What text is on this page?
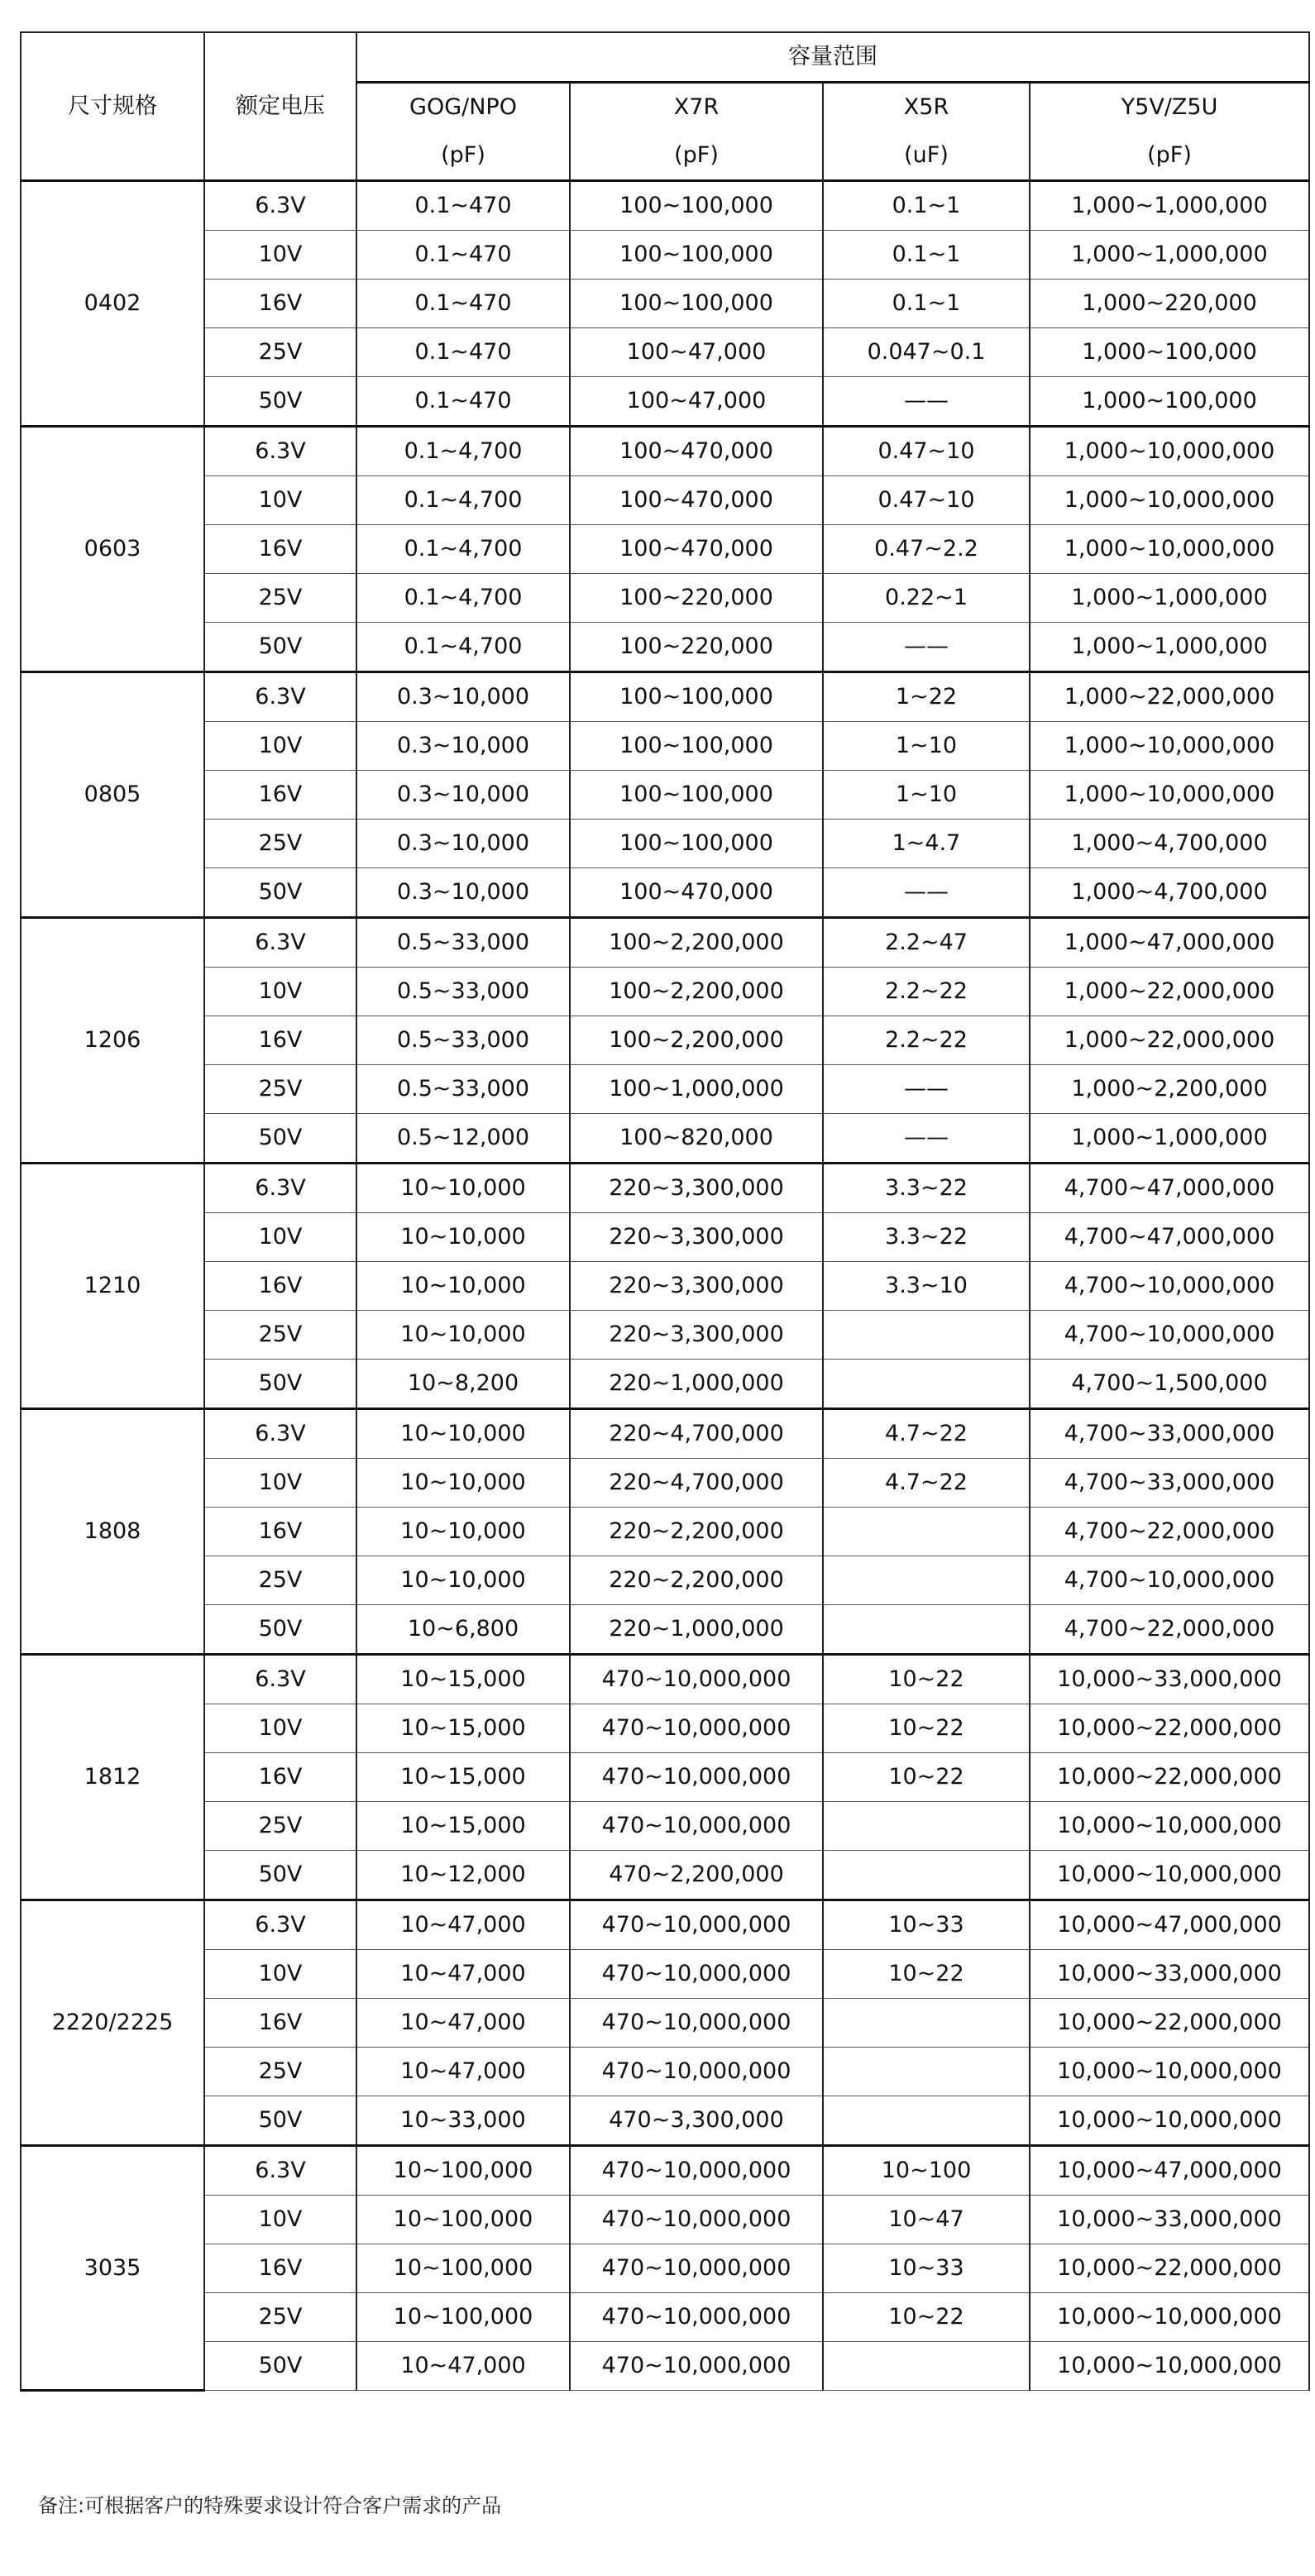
尺寸规格	额定电压	容量范围			
		GOG/NPO	X7R	X5R	Y5V/Z5U
		(pF)	(pF)	(uF)	(pF)
0402	6.3V	0.1~470	100~100,000	0.1~1	1,000~1,000,000
	10V	0.1~470	100~100,000	0.1~1	1,000~1,000,000
	16V	0.1~470	100~100,000	0.1~1	1,000~220,000
	25V	0.1~470	100~47,000	0.047~0.1	1,000~100,000
	50V	0.1~470	100~47,000	——	1,000~100,000
0603	6.3V	0.1~4,700	100~470,000	0.47~10	1,000~10,000,000
	10V	0.1~4,700	100~470,000	0.47~10	1,000~10,000,000
	16V	0.1~4,700	100~470,000	0.47~2.2	1,000~10,000,000
	25V	0.1~4,700	100~220,000	0.22~1	1,000~1,000,000
	50V	0.1~4,700	100~220,000	——	1,000~1,000,000
0805	6.3V	0.3~10,000	100~100,000	1~22	1,000~22,000,000
	10V	0.3~10,000	100~100,000	1~10	1,000~10,000,000
	16V	0.3~10,000	100~100,000	1~10	1,000~10,000,000
	25V	0.3~10,000	100~100,000	1~4.7	1,000~4,700,000
	50V	0.3~10,000	100~470,000	——	1,000~4,700,000
1206	6.3V	0.5~33,000	100~2,200,000	2.2~47	1,000~47,000,000
	10V	0.5~33,000	100~2,200,000	2.2~22	1,000~22,000,000
	16V	0.5~33,000	100~2,200,000	2.2~22	1,000~22,000,000
	25V	0.5~33,000	100~1,000,000	——	1,000~2,200,000
	50V	0.5~12,000	100~820,000	——	1,000~1,000,000
1210	6.3V	10~10,000	220~3,300,000	3.3~22	4,700~47,000,000
	10V	10~10,000	220~3,300,000	3.3~22	4,700~47,000,000
	16V	10~10,000	220~3,300,000	3.3~10	4,700~10,000,000
	25V	10~10,000	220~3,300,000		4,700~10,000,000
	50V	10~8,200	220~1,000,000		4,700~1,500,000
1808	6.3V	10~10,000	220~4,700,000	4.7~22	4,700~33,000,000
	10V	10~10,000	220~4,700,000	4.7~22	4,700~33,000,000
	16V	10~10,000	220~2,200,000		4,700~22,000,000
	25V	10~10,000	220~2,200,000		4,700~10,000,000
	50V	10~6,800	220~1,000,000		4,700~22,000,000
1812	6.3V	10~15,000	470~10,000,000	10~22	10,000~33,000,000
	10V	10~15,000	470~10,000,000	10~22	10,000~22,000,000
	16V	10~15,000	470~10,000,000	10~22	10,000~22,000,000
	25V	10~15,000	470~10,000,000		10,000~10,000,000
	50V	10~12,000	470~2,200,000		10,000~10,000,000
2220/2225	6.3V	10~47,000	470~10,000,000	10~33	10,000~47,000,000
	10V	10~47,000	470~10,000,000	10~22	10,000~33,000,000
	16V	10~47,000	470~10,000,000		10,000~22,000,000
	25V	10~47,000	470~10,000,000		10,000~10,000,000
	50V	10~33,000	470~3,300,000		10,000~10,000,000
3035	6.3V	10~100,000	470~10,000,000	10~100	10,000~47,000,000
	10V	10~100,000	470~10,000,000	10~47	10,000~33,000,000
	16V	10~100,000	470~10,000,000	10~33	10,000~22,000,000
	25V	10~100,000	470~10,000,000	10~22	10,000~10,000,000
	50V	10~47,000	470~10,000,000		10,000~10,000,000
备注:可根据客户的特殊要求设计符合客户需求的产品
